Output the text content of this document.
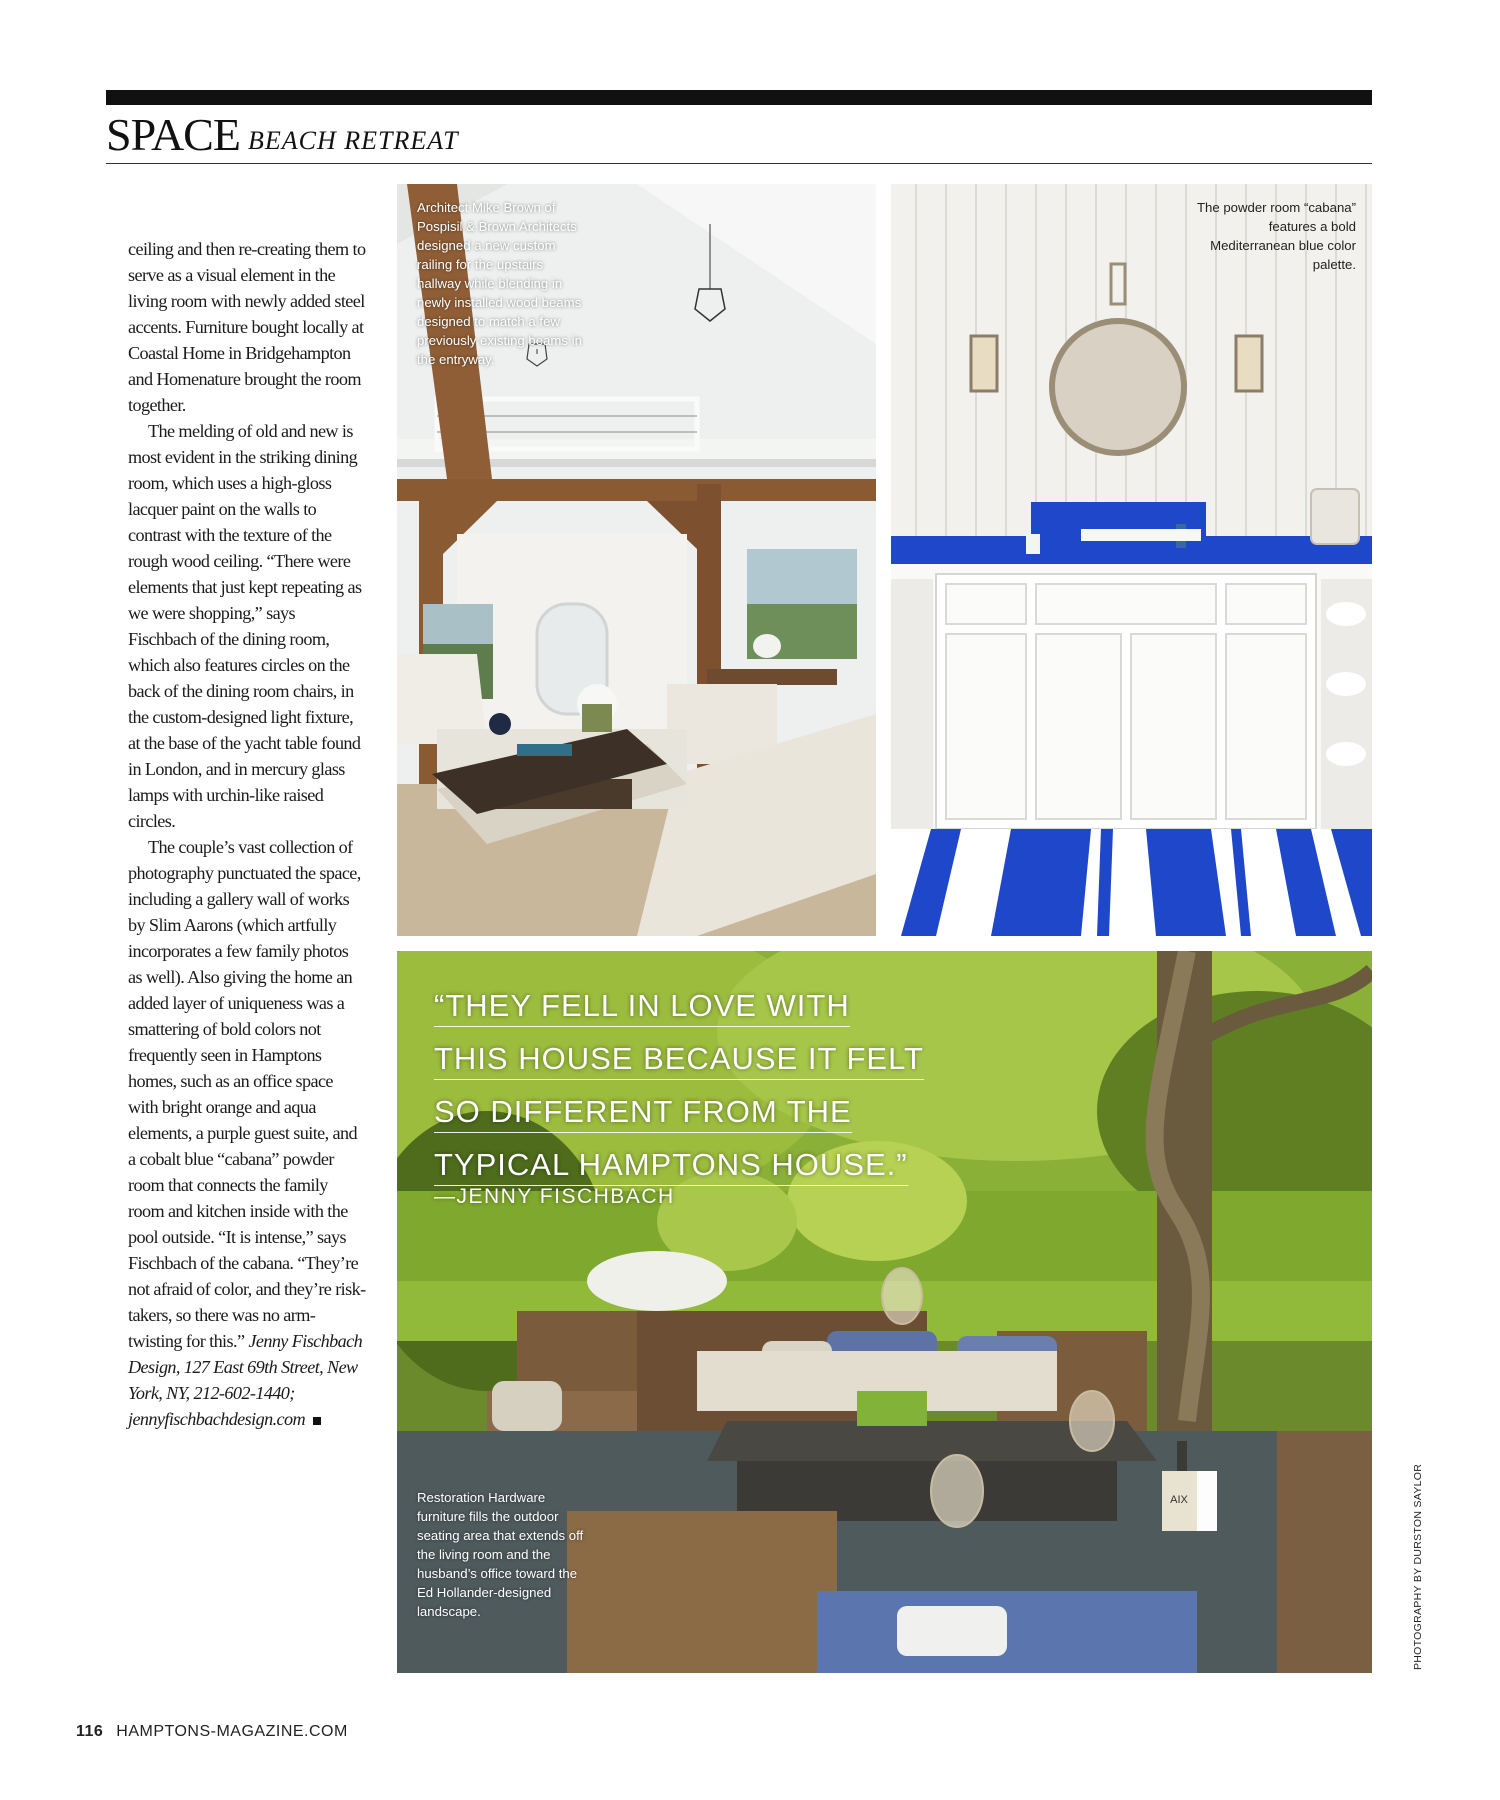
SPACE BEACH RETREAT

ceiling and then re-creating them to serve as a visual element in the living room with newly added steel accents. Furniture bought locally at Coastal Home in Bridgehampton and Homenature brought the room together.

The melding of old and new is most evident in the striking dining room, which uses a high-gloss lacquer paint on the walls to contrast with the texture of the rough wood ceiling. “There were elements that just kept repeating as we were shopping,” says Fischbach of the dining room, which also features circles on the back of the dining room chairs, in the custom-designed light fixture, at the base of the yacht table found in London, and in mercury glass lamps with urchin-like raised circles.

The couple’s vast collection of photography punctuated the space, including a gallery wall of works by Slim Aarons (which artfully incorporates a few family photos as well). Also giving the home an added layer of uniqueness was a smattering of bold colors not frequently seen in Hamptons homes, such as an office space with bright orange and aqua elements, a purple guest suite, and a cobalt blue “cabana” powder room that connects the family room and kitchen inside with the pool outside. “It is intense,” says Fischbach of the cabana. “They’re not afraid of color, and they’re risk-takers, so there was no arm-twisting for this.” Jenny Fischbach Design, 127 East 69th Street, New York, NY, 212-602-1440; jennyfischbachdesign.com

Architect Mike Brown of Pospisil & Brown Architects designed a new custom railing for the upstairs hallway while blending in newly installed wood beams designed to match a few previously existing beams in the entryway.
The powder room “cabana” features a bold Mediterranean blue color palette.
AIX
“THEY FELL IN LOVE WITH
THIS HOUSE BECAUSE IT FELT
SO DIFFERENT FROM THE
TYPICAL HAMPTONS HOUSE.”
—JENNY FISCHBACH
Restoration Hardware furniture fills the outdoor seating area that extends off the living room and the husband’s office toward the Ed Hollander-designed landscape.	PHOTOGRAPHY BY DURSTON SAYLOR
116 HAMPTONS-MAGAZINE.COM
